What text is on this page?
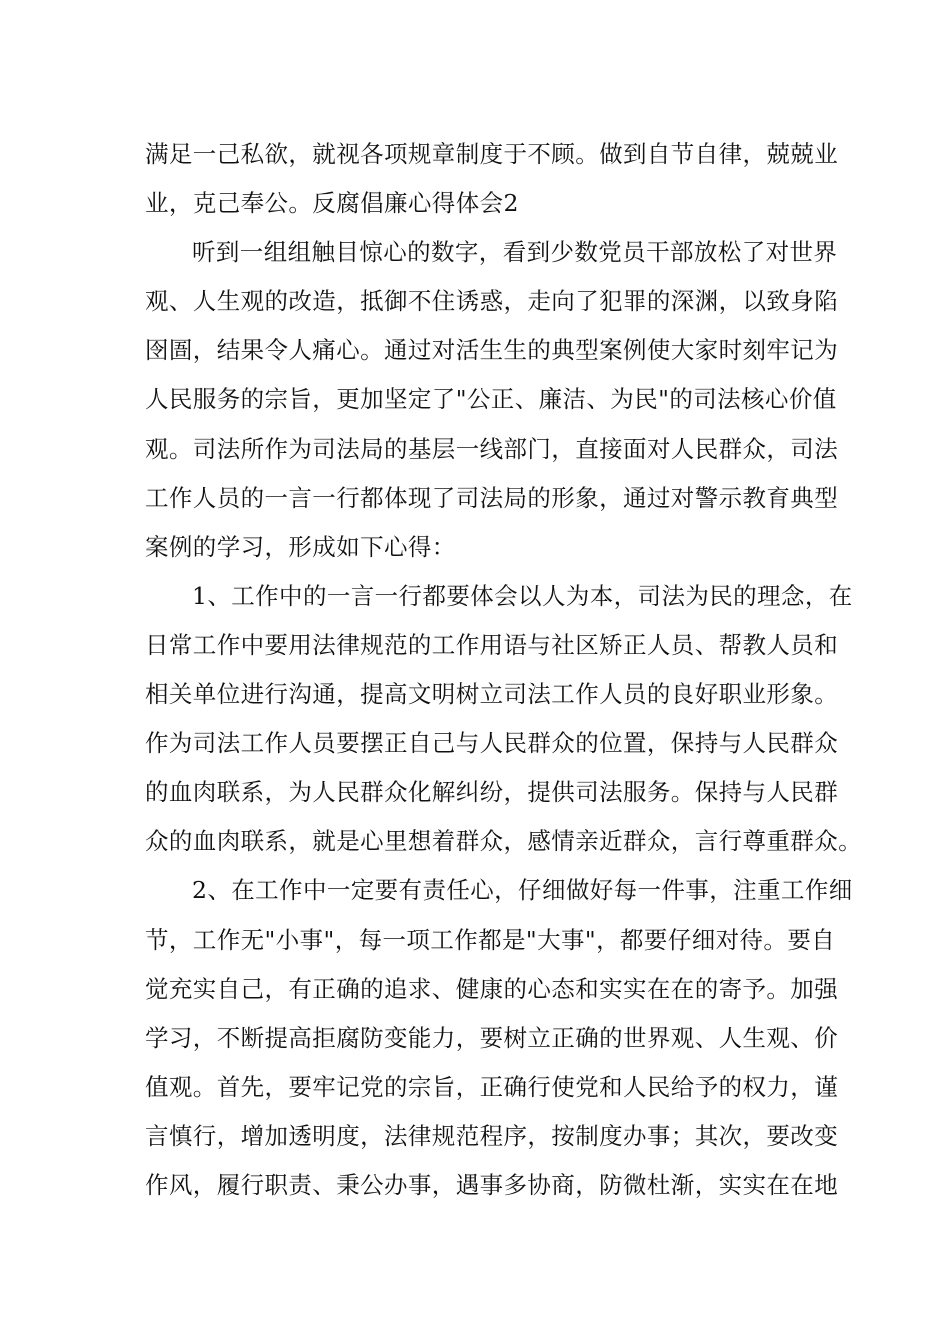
满足一己私欲，就视各项规章制度于不顾。做到自节自律，兢兢业
业，克己奉公。反腐倡廉心得体会2
听到一组组触目惊心的数字，看到少数党员干部放松了对世界
观、人生观的改造，抵御不住诱惑，走向了犯罪的深渊，以致身陷
囹圄，结果令人痛心。通过对活生生的典型案例使大家时刻牢记为
人民服务的宗旨，更加坚定了"公正、廉洁、为民"的司法核心价值
观。司法所作为司法局的基层一线部门，直接面对人民群众，司法
工作人员的一言一行都体现了司法局的形象，通过对警示教育典型
案例的学习，形成如下心得：
1、工作中的一言一行都要体会以人为本，司法为民的理念，在
日常工作中要用法律规范的工作用语与社区矫正人员、帮教人员和
相关单位进行沟通，提高文明树立司法工作人员的良好职业形象。
作为司法工作人员要摆正自己与人民群众的位置，保持与人民群众
的血肉联系，为人民群众化解纠纷，提供司法服务。保持与人民群
众的血肉联系，就是心里想着群众，感情亲近群众，言行尊重群众。
2、在工作中一定要有责任心，仔细做好每一件事，注重工作细
节，工作无"小事"，每一项工作都是"大事"，都要仔细对待。要自
觉充实自己，有正确的追求、健康的心态和实实在在的寄予。加强
学习，不断提高拒腐防变能力，要树立正确的世界观、人生观、价
值观。首先，要牢记党的宗旨，正确行使党和人民给予的权力，谨
言慎行，增加透明度，法律规范程序，按制度办事；其次，要改变
作风，履行职责、秉公办事，遇事多协商，防微杜渐，实实在在地
